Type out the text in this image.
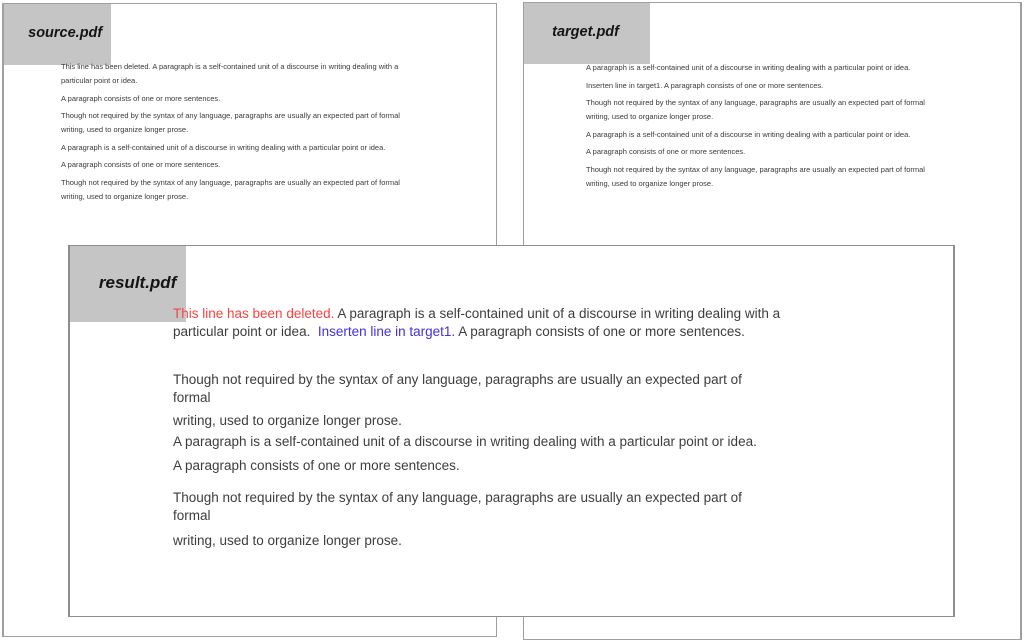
source.pdf

This line has been deleted. A paragraph is a self-contained unit of a discourse in writing dealing with a
particular point or idea.
A paragraph consists of one or more sentences.
Though not required by the syntax of any language, paragraphs are usually an expected part of formal
writing, used to organize longer prose.
A paragraph is a self-contained unit of a discourse in writing dealing with a particular point or idea.
A paragraph consists of one or more sentences.
Though not required by the syntax of any language, paragraphs are usually an expected part of formal
writing, used to organize longer prose.

target.pdf

A paragraph is a self-contained unit of a discourse in writing dealing with a particular point or idea.
Inserten line in target1. A paragraph consists of one or more sentences.
Though not required by the syntax of any language, paragraphs are usually an expected part of formal
writing, used to organize longer prose.
A paragraph is a self-contained unit of a discourse in writing dealing with a particular point or idea.
A paragraph consists of one or more sentences.
Though not required by the syntax of any language, paragraphs are usually an expected part of formal
writing, used to organize longer prose.

result.pdf

This line has been deleted. A paragraph is a self-contained unit of a discourse in writing dealing with a
particular point or idea.  Inserten line in target1. A paragraph consists of one or more sentences.
Though not required by the syntax of any language, paragraphs are usually an expected part of
formal
writing, used to organize longer prose.
A paragraph is a self-contained unit of a discourse in writing dealing with a particular point or idea.
A paragraph consists of one or more sentences.
Though not required by the syntax of any language, paragraphs are usually an expected part of
formal
writing, used to organize longer prose.
